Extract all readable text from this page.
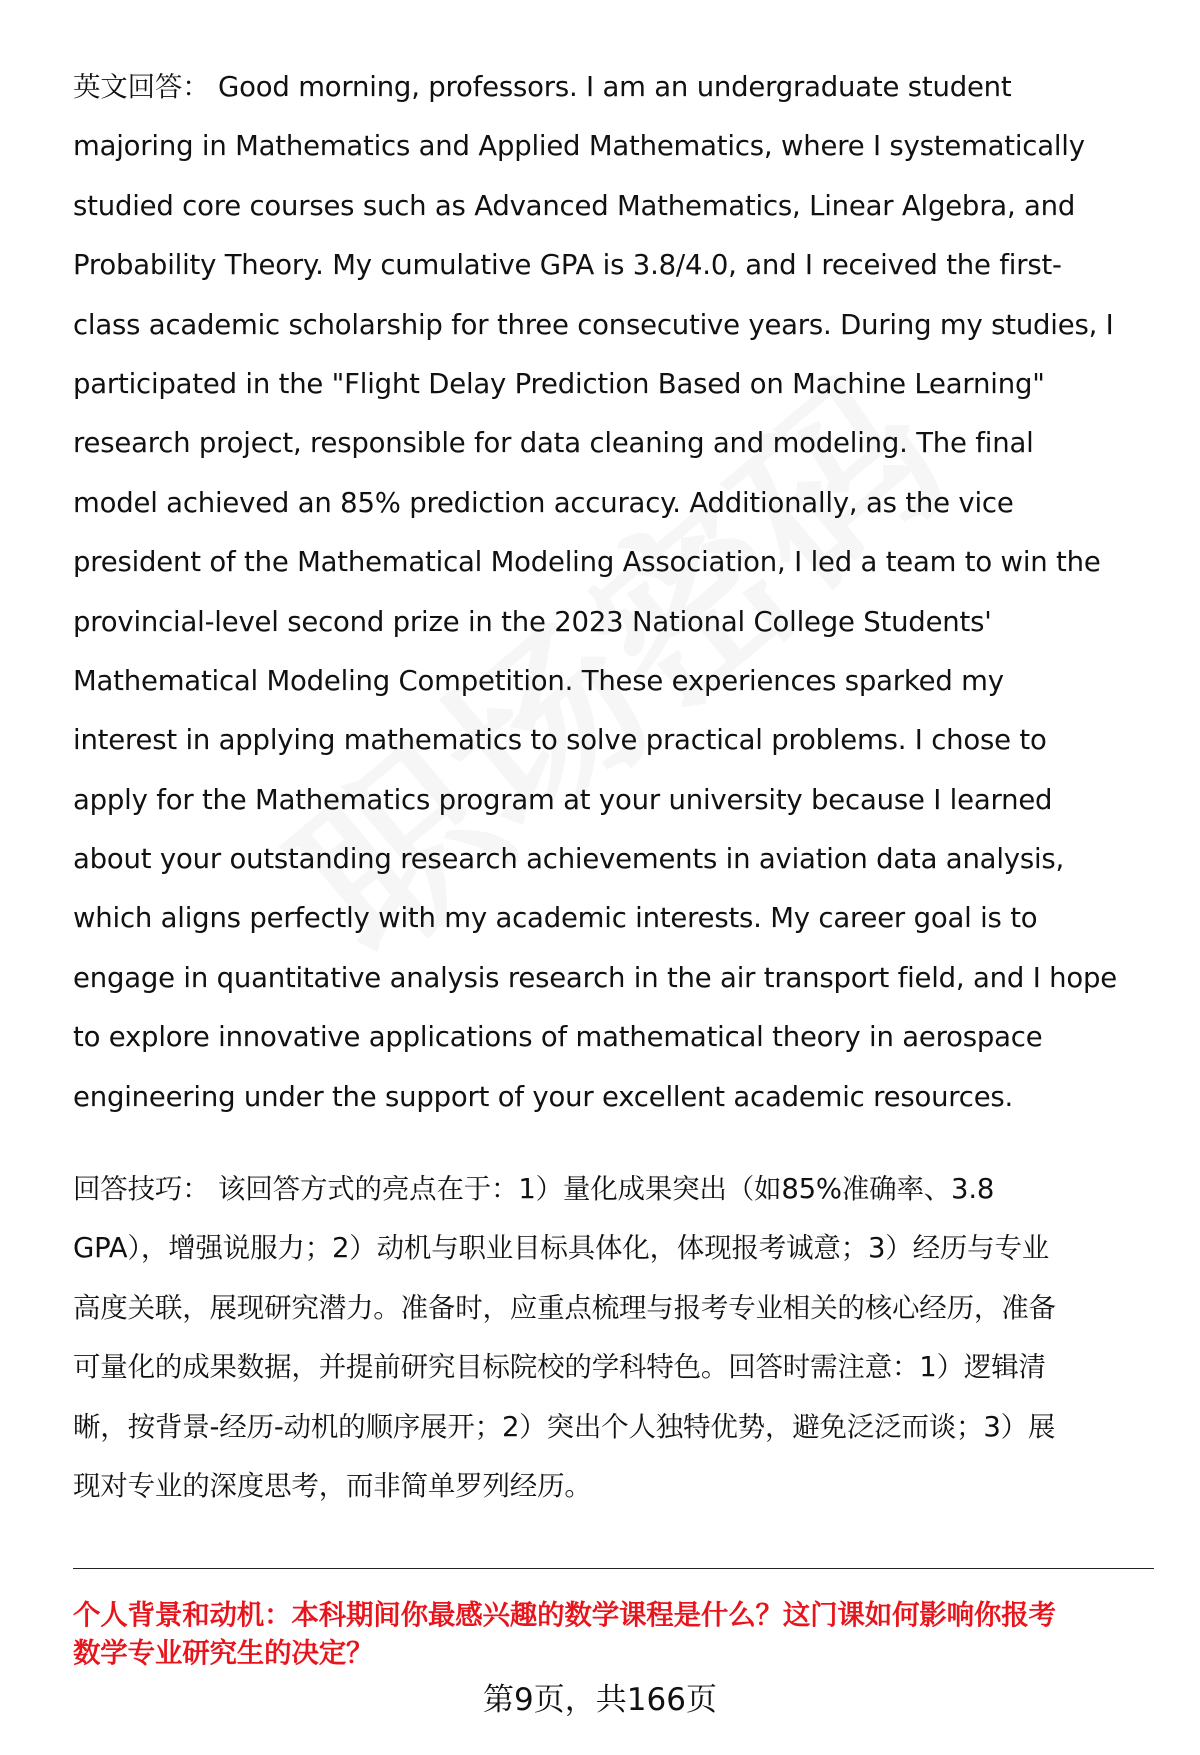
英文回答： Good morning, professors. I am an undergraduate student
majoring in Mathematics and Applied Mathematics, where I systematically
studied core courses such as Advanced Mathematics, Linear Algebra, and
Probability Theory. My cumulative GPA is 3.8/4.0, and I received the first-
class academic scholarship for three consecutive years. During my studies, I
participated in the "Flight Delay Prediction Based on Machine Learning"
research project, responsible for data cleaning and modeling. The final
model achieved an 85% prediction accuracy. Additionally, as the vice
president of the Mathematical Modeling Association, I led a team to win the
provincial-level second prize in the 2023 National College Students'
Mathematical Modeling Competition. These experiences sparked my
interest in applying mathematics to solve practical problems. I chose to
apply for the Mathematics program at your university because I learned
about your outstanding research achievements in aviation data analysis,
which aligns perfectly with my academic interests. My career goal is to
engage in quantitative analysis research in the air transport field, and I hope
to explore innovative applications of mathematical theory in aerospace
engineering under the support of your excellent academic resources.
回答技巧： 该回答方式的亮点在于：1）量化成果突出（如85%准确率、3.8
GPA），增强说服力；2）动机与职业目标具体化，体现报考诚意；3）经历与专业
高度关联，展现研究潜力。准备时，应重点梳理与报考专业相关的核心经历，准备
可量化的成果数据，并提前研究目标院校的学科特色。回答时需注意：1）逻辑清
晰，按背景-经历-动机的顺序展开；2）突出个人独特优势，避免泛泛而谈；3）展
现对专业的深度思考，而非简单罗列经历。
个人背景和动机：本科期间你最感兴趣的数学课程是什么？这门课如何影响你报考
数学专业研究生的决定？
第9页，共166页
